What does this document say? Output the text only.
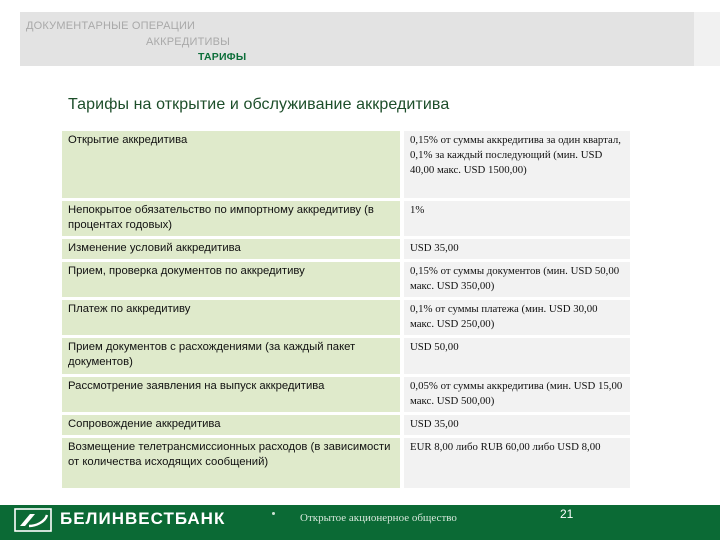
ДОКУМЕНТАРНЫЕ ОПЕРАЦИИ
АККРЕДИТИВЫ
ТАРИФЫ
Тарифы на открытие и обслуживание аккредитива
Открытие аккредитива		0,15% от суммы аккредитива за один квартал, 0,1% за каждый последующий (мин. USD 40,00 макс. USD 1500,00)
Непокрытое обязательство по импортному аккредитиву (в процентах годовых)		1%
Изменение условий аккредитива		USD 35,00
Прием, проверка документов по аккредитиву		0,15% от суммы документов (мин. USD 50,00 макс. USD 350,00)
Платеж по аккредитиву		0,1% от суммы платежа (мин. USD 30,00 макс. USD 250,00)
Прием документов с расхождениями (за каждый пакет документов)		USD 50,00
Рассмотрение заявления на выпуск аккредитива		0,05% от суммы аккредитива (мин. USD 15,00 макс. USD 500,00)
Сопровождение аккредитива		USD 35,00
Возмещение телетрансмиссионных расходов (в зависимости от количества исходящих сообщений)		EUR 8,00 либо RUB 60,00 либо USD 8,00
БЕЛИНВЕСТБАНК	Открытое акционерное общество	21
